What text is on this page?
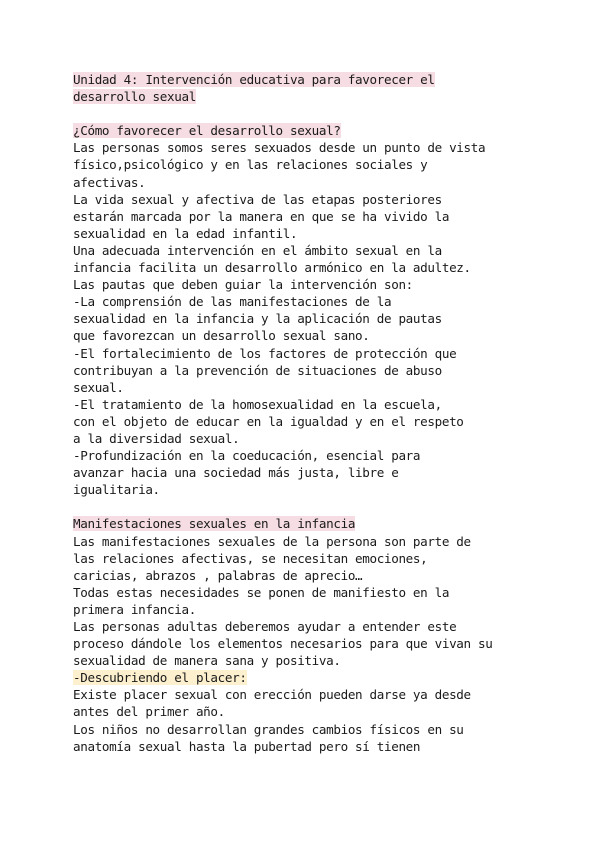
Unidad 4: Intervención educativa para favorecer el
desarrollo sexual
¿Cómo favorecer el desarrollo sexual?
Las personas somos seres sexuados desde un punto de vista
físico,psicológico y en las relaciones sociales y
afectivas.
La vida sexual y afectiva de las etapas posteriores
estarán marcada por la manera en que se ha vivido la
sexualidad en la edad infantil.
Una adecuada intervención en el ámbito sexual en la
infancia facilita un desarrollo armónico en la adultez.
Las pautas que deben guiar la intervención son:
-La comprensión de las manifestaciones de la
sexualidad en la infancia y la aplicación de pautas
que favorezcan un desarrollo sexual sano.
-El fortalecimiento de los factores de protección que
contribuyan a la prevención de situaciones de abuso
sexual.
-El tratamiento de la homosexualidad en la escuela,
con el objeto de educar en la igualdad y en el respeto
a la diversidad sexual.
-Profundización en la coeducación, esencial para
avanzar hacia una sociedad más justa, libre e
igualitaria.
Manifestaciones sexuales en la infancia
Las manifestaciones sexuales de la persona son parte de
las relaciones afectivas, se necesitan emociones,
caricias, abrazos , palabras de aprecio…
Todas estas necesidades se ponen de manifiesto en la
primera infancia.
Las personas adultas deberemos ayudar a entender este
proceso dándole los elementos necesarios para que vivan su
sexualidad de manera sana y positiva.
-Descubriendo el placer:
Existe placer sexual con erección pueden darse ya desde
antes del primer año.
Los niños no desarrollan grandes cambios físicos en su
anatomía sexual hasta la pubertad pero sí tienen
